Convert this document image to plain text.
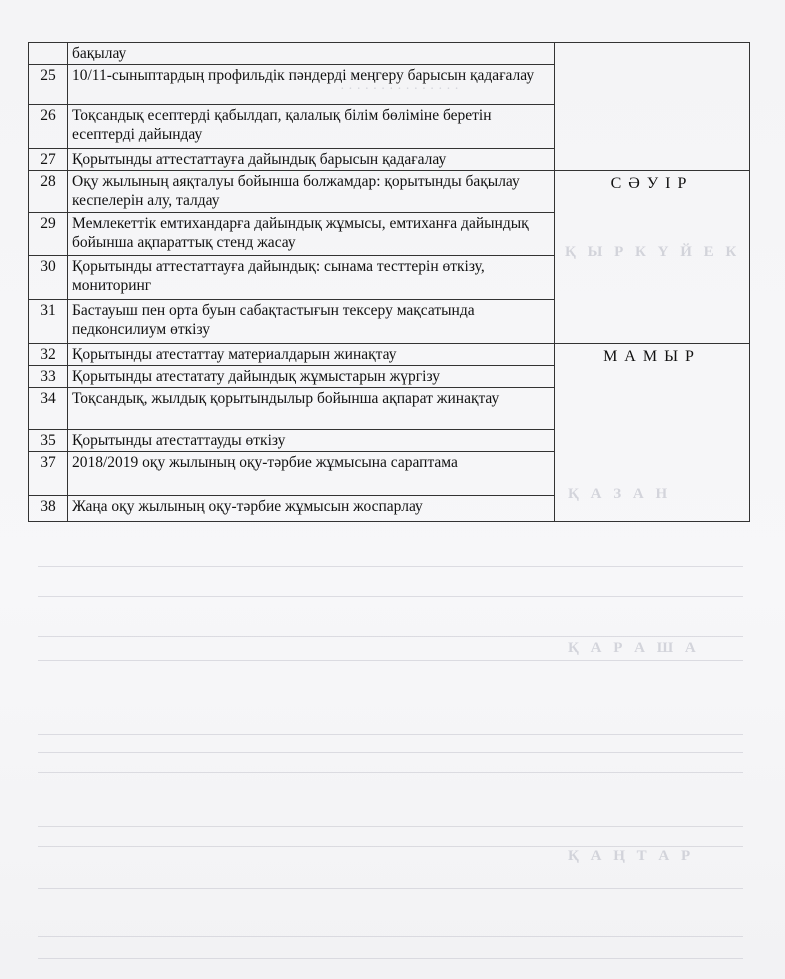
· · · · · · · · · · · · · · ·
Қ Ы Р К Ү Й Е К
Қ А З А Н
Қ А Р А Ш А
Қ А Ң Т А Р
	бақылау	
25	10/11-сыныптардың профильдік пәндерді меңгеру барысын қадағалау	
26	Тоқсандық есептерді қабылдап, қалалық білім бөліміне беретін есептерді дайындау	
27	Қорытынды аттестаттауға дайындық барысын қадағалау	
28	Оқу жылының аяқталуы бойынша болжамдар: қорытынды бақылау кеспелерін алу, талдау	СӘУІР

29	Мемлекеттік емтихандарға дайындық жұмысы, емтиханға дайындық бойынша ақпараттық стенд жасау	
30	Қорытынды аттестаттауға дайындық: сынама тесттерін өткізу, мониторинг	
31	Бастауыш пен орта буын сабақтастығын тексеру мақсатында педконсилиум өткізу	
32	Қорытынды атестаттау материалдарын жинақтау	МАМЫР

33	Қорытынды атестатату дайындық жұмыстарын жүргізу	
34	Тоқсандық, жылдық қорытындылыр бойынша ақпарат жинақтау	
35	Қорытынды атестаттауды өткізу	
37	2018/2019 оқу жылының оқу-тәрбие жұмысына сараптама	
38	Жаңа оқу жылының оқу-тәрбие жұмысын жоспарлау	
